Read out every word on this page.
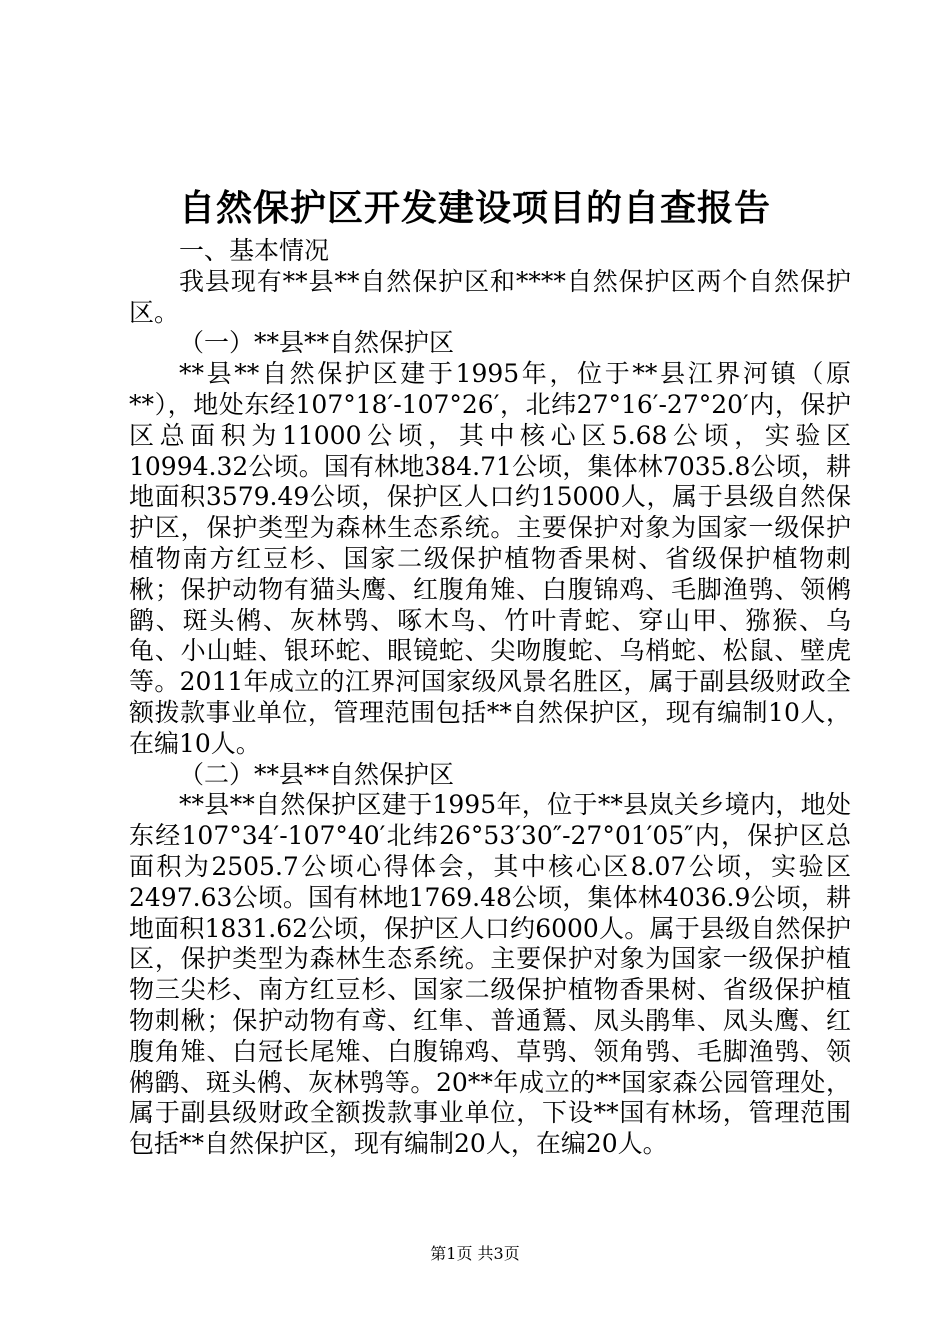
自然保护区开发建设项目的自查报告

一、基本情况

我县现有**县**自然保护区和****自然保护区两个自然保护区。

（一）**县**自然保护区

**县**自然保护区建于1995年，位于**县江界河镇（原**），地处东经107°18′-107°26′，北纬27°16′-27°20′内，保护区总面积为11000公顷，其中核心区5.68公顷，实验区10994.32公顷。国有林地384.71公顷，集体林7035.8公顷，耕地面积3579.49公顷，保护区人口约15000人，属于县级自然保护区，保护类型为森林生态系统。主要保护对象为国家一级保护植物南方红豆杉、国家二级保护植物香果树、省级保护植物刺楸；保护动物有猫头鹰、红腹角雉、白腹锦鸡、毛脚渔鸮、领鸺鹠、斑头鸺、灰林鸮、啄木鸟、竹叶青蛇、穿山甲、猕猴、乌龟、小山蛙、银环蛇、眼镜蛇、尖吻腹蛇、乌梢蛇、松鼠、壁虎等。2011年成立的江界河国家级风景名胜区，属于副县级财政全额拨款事业单位，管理范围包括**自然保护区，现有编制10人，在编10人。

（二）**县**自然保护区

**县**自然保护区建于1995年，位于**县岚关乡境内，地处东经107°34′-107°40′北纬26°53′30″-27°01′05″内，保护区总面积为2505.7公顷心得体会，其中核心区8.07公顷，实验区2497.63公顷。国有林地1769.48公顷，集体林4036.9公顷，耕地面积1831.62公顷，保护区人口约6000人。属于县级自然保护区，保护类型为森林生态系统。主要保护对象为国家一级保护植物三尖杉、南方红豆杉、国家二级保护植物香果树、省级保护植物刺楸；保护动物有鸢、红隼、普通鵟、凤头鹃隼、凤头鹰、红腹角雉、白冠长尾雉、白腹锦鸡、草鸮、领角鸮、毛脚渔鸮、领鸺鹠、斑头鸺、灰林鸮等。20**年成立的**国家森公园管理处，属于副县级财政全额拨款事业单位，下设**国有林场，管理范围包括**自然保护区，现有编制20人，在编20人。

第1页 共3页
